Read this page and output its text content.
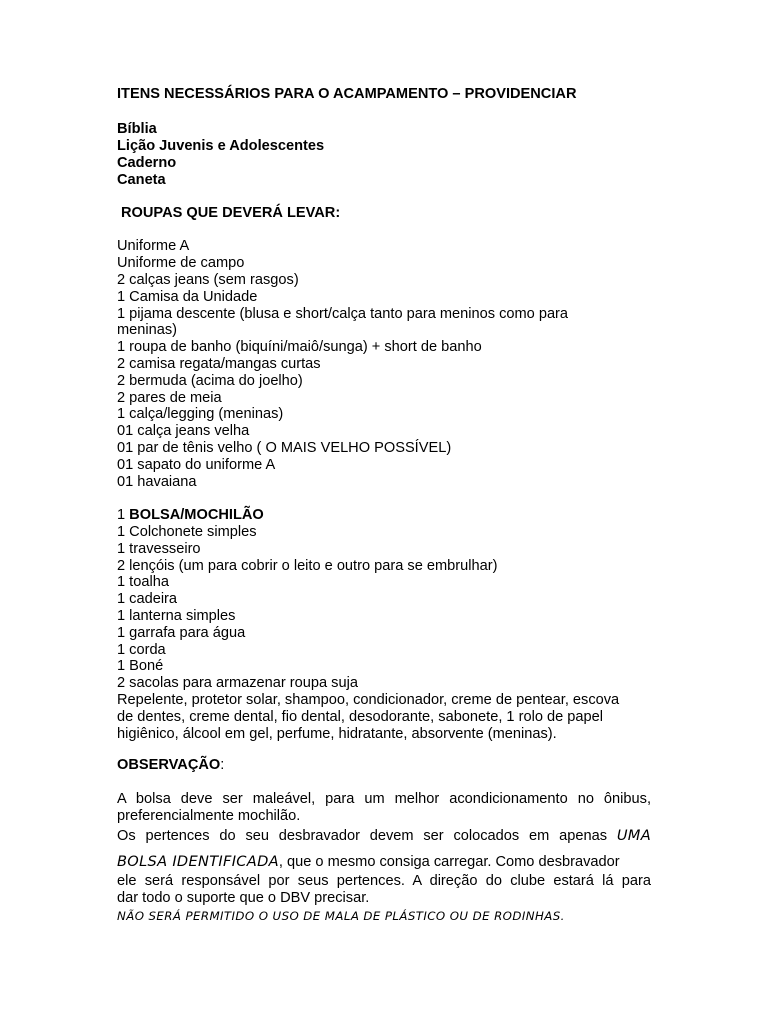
ITENS NECESSÁRIOS PARA O ACAMPAMENTO – PROVIDENCIAR
Bíblia
Lição Juvenis e Adolescentes
Caderno
Caneta
ROUPAS QUE DEVERÁ LEVAR:
Uniforme A
Uniforme de campo
2 calças jeans (sem rasgos)
1 Camisa da Unidade
1 pijama descente (blusa e short/calça tanto para meninos como para
meninas)
1 roupa de banho (biquíni/maiô/sunga) + short de banho
2 camisa regata/mangas curtas
2 bermuda (acima do joelho)
2 pares de meia
1 calça/legging (meninas)
01 calça jeans velha
01 par de tênis velho ( O MAIS VELHO POSSÍVEL)
01 sapato do uniforme A
01 havaiana
1 BOLSA/MOCHILÃO
1 Colchonete simples
1 travesseiro
2 lençóis (um para cobrir o leito e outro para se embrulhar)
1 toalha
1 cadeira
1 lanterna simples
1 garrafa para água
1 corda
1 Boné
2 sacolas para armazenar roupa suja
Repelente, protetor solar, shampoo, condicionador, creme de pentear, escova
de dentes, creme dental, fio dental, desodorante, sabonete, 1 rolo de papel
higiênico, álcool em gel, perfume, hidratante, absorvente (meninas).
OBSERVAÇÃO:
A bolsa deve ser maleável, para um melhor acondicionamento no ônibus,
preferencialmente mochilão.
Os pertences do seu desbravador devem ser colocados em apenas UMA
BOLSA IDENTIFICADA, que o mesmo consiga carregar. Como desbravador
ele será responsável por seus pertences. A direção do clube estará lá para
dar todo o suporte que o DBV precisar.
NÃO SERÁ PERMITIDO O USO DE MALA DE PLÁSTICO OU DE RODINHAS.
